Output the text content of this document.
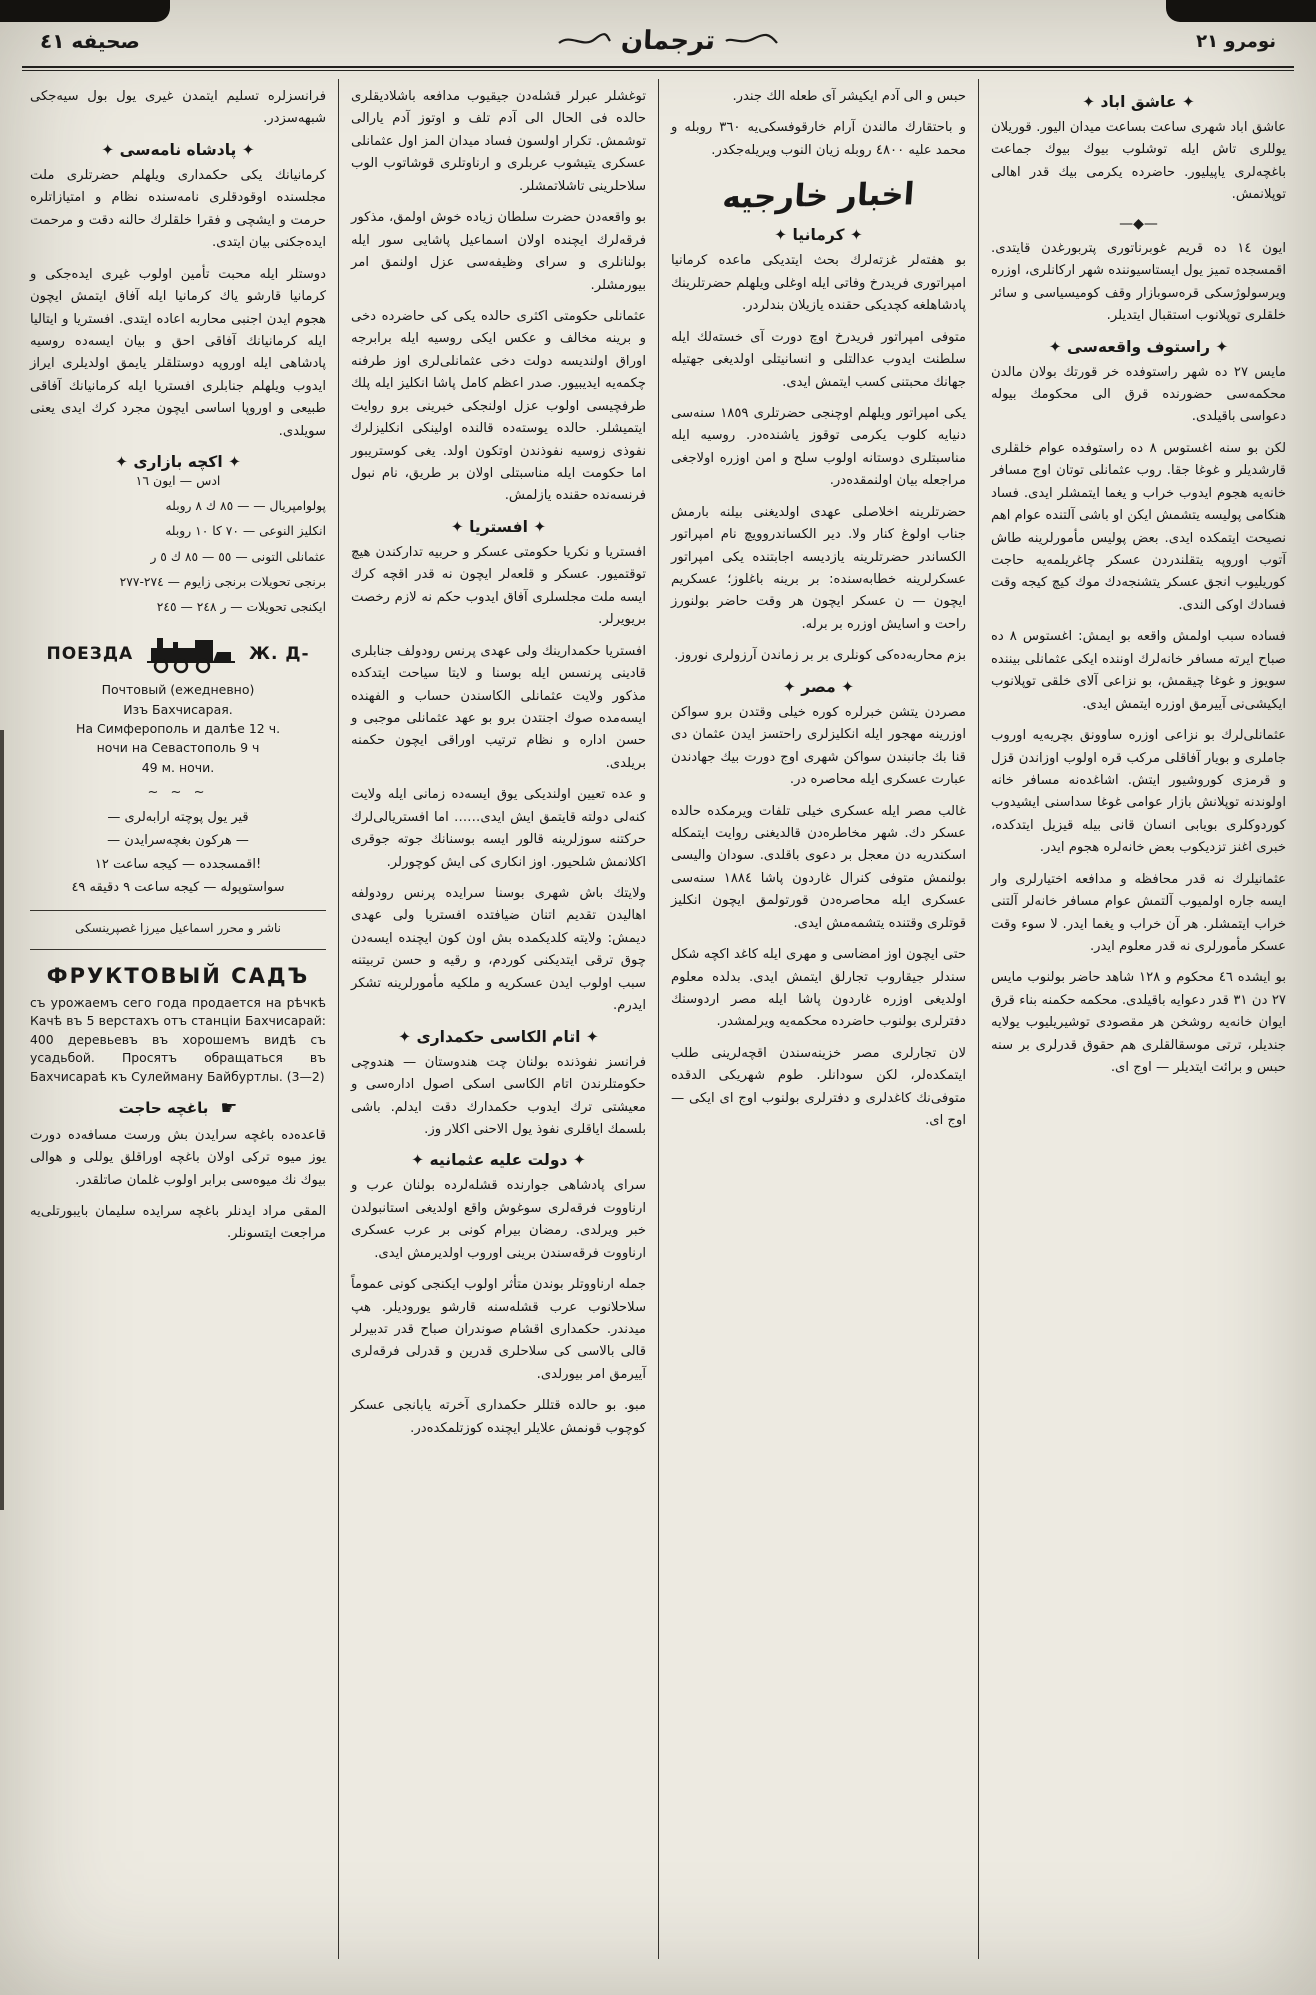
صحيفه ٤١	ترجمان	نومرو ٢١
✦ عاشق اباد ✦
عاشق اباد شهرى ساعت بساعت ميدان اليور. قوريلان يوللرى تاش ايله توشلوب بيوك بيوك جماعت باغچه‌لرى ياپيليور. حاضرده يكرمى بيك قدر اهالى توپلانمش.
—◆—
ايون ١٤ ده قريم غوبرناتورى پتربورغدن قايتدى. اقمسجده تميز يول ايستاسيوننده شهر اركانلرى، اوزره ويرسولوژسكى قره‌سوبازار وقف كوميسياسى و سائر خلقلرى توپلانوب استقبال ايتديلر.
✦ راستوف واقعه‌سى ✦
مايس ٢٧ ده شهر راستوفده خر قورتك بولان مالدن محكمه‌سى حضورنده قرق الى محكومك بيوله دعواسى باقيلدى.
لكن بو سنه اغستوس ٨ ده راستوفده عوام خلقلرى قارشديلر و غوغا جقا. روب عثمانلى توتان اوج مسافر خانه‌يه هجوم ايدوب خراب و يغما ايتمشلر ايدى. فساد هنكامى پوليسه يتشمش ايكن او باشى آلتنده عوام اهم نصيحت ايتمكده ايدى. بعض پوليس مأمورلرينه طاش آتوب اوروپه يتقلندردن عسكر چاغريلمه‌يه حاجت كوريليوب انجق عسكر يتشنجه‌دك موك كيچ كيجه وقت فسادك اوكى الندى.
فساده سبب اولمش واقعه بو ايمش: اغستوس ٨ ده صباح ايرته مسافر خانه‌لرك اوننده ايكى عثمانلى بيننده سويوز و غوغا چيقمش، بو نزاعى آلاى خلقى توپلانوب ايكيشى‌نى آييرمق اوزره ايتمش ايدى.
عثمانلى‌لرك بو نزاعى اوزره ساوونق بچريه‌يه اوروب جاملرى و بويار آفاقلى مركب قره اولوب اوزاندن قزل و قرمزى كوروشيور ايتش. اشاغده‌نه مسافر خانه اولوندنه توپلانش بازار عوامى غوغا سداسنى ايشيدوب كوردوكلرى بويابى انسان قانى بيله قيزيل ايتدكده، خبرى اغنز تزديكوب بعض خانه‌لره هجوم ايدر.
عثمانيلرك نه قدر محافظه و مدافعه اختيارلرى وار ايسه جاره اولميوب آلتمش عوام مسافر خانه‌لر آلتنى خراب ايتمشلر. هر آن خراب و يغما ايدر. لا سوء وقت عسكر مأمورلرى نه قدر معلوم ايدر.
بو ايشده ٤٦ محكوم و ١٢٨ شاهد حاضر بولنوب مايس ٢٧ دن ٣١ قدر دعوايه باقيلدى. محكمه حكمنه بناء قرق ايوان خانه‌يه روشخن هر مقصودى توشيريليوب يولايه جنديلر، ترتى موسقالقلرى هم حقوق قدرلرى بر سنه حبس و برائت ايتديلر — اوج اى.
حبس و الى آدم ايكيشر آى طعله الك جندر.
و باحتقارك مالندن آرام خارقوفسكى‌يه ٣٦٠ روبله و محمد عليه ٤٨٠٠ روبله زيان النوب ويريله‌جكدر.
اخبار خارجيه
✦ كرمانيا ✦
بو هفته‌لر غزته‌لرك بحث ايتديكى ماعده كرمانيا امپراتورى فريدرخ وفاتى ايله اوغلى ويلهلم حضرتلرينك پادشاهلغه كچديكى حقنده يازيلان بندلردر.
متوفى امپراتور فريدرخ اوچ دورت آى خسته‌لك ايله سلطنت ايدوب عدالتلى و انسانيتلى اولديغى جهتيله جهانك محبتنى كسب ايتمش ايدى.
يكى امپراتور ويلهلم اوچنجى حضرتلرى ١٨٥٩ سنه‌سى دنيايه كلوب يكرمى توقوز ياشنده‌در. روسيه ايله مناسبتلرى دوستانه اولوب سلح و امن اوزره اولاجغى مراجعله بيان اولنمقده‌در.
حضرتلرينه اخلاصلى عهدى اولديغنى بيلنه بارمش جناب اولوغ كنار ولا. دير الكساندروويچ نام امپراتور الكساندر حضرتلرينه يازديسه اجابتنده يكى امپراتور عسكرلرينه خطابه‌سنده: بر برينه باغلوز؛ عسكريم ايچون — ن عسكر ايچون هر وقت حاضر بولنورز راحت و اسايش اوزره بر برله.
بزم محاربه‌ده‌كى كونلرى بر بر زماندن آرزولرى نوروز.
✦ مصر ✦
مصردن يتشن خبرلره كوره خيلى وقتدن برو سواكن اوزرينه مهجور ايله انكليزلرى راحتسز ايدن عثمان دى قنا بك جانبندن سواكن شهرى اوج دورت بيك جهادندن عبارت عسكرى ايله محاصره در.
غالب مصر ايله عسكرى خيلى تلفات ويرمكده حالده عسكر دك. شهر مخاطره‌دن قالديغنى روايت ايتمكله اسكندريه دن معجل بر دعوى باقلدى. سودان واليسى بولنمش متوفى كنرال غاردون پاشا ١٨٨٤ سنه‌سى عسكرى ايله محاصره‌دن قورتولمق ايچون انكليز قوتلرى وقتنده يتشمه‌مش ايدى.
حتى ايچون اوز امضاسى و مهرى ايله كاغد اكچه شكل سندلر جيقاروب تجارلق ايتمش ايدى. بدلده معلوم اولديغى اوزره غاردون پاشا ايله مصر اردوسنك دفترلرى بولنوب حاضرده محكمه‌يه ويرلمشدر.
لان تجارلرى مصر خزينه‌سندن اقچه‌لرينى طلب ايتمكده‌لر، لكن سودانلر. طوم شهريكى الدقده متوفى‌نك كاغدلرى و دفترلرى بولنوب اوج اى ايكى — اوج اى.
توغشلر عبرلر قشله‌دن جيقيوب مدافعه باشلاديقلرى حالده فى الحال الى آدم تلف و اوتوز آدم يارالى توشمش. تكرار اولسون فساد ميدان المز اول عثمانلى عسكرى يتيشوب عربلرى و ارناوتلرى قوشاتوب الوب سلاحلرينى تاشلاتمشلر.
بو واقعه‌دن حضرت سلطان زياده خوش اولمق، مذكور فرقه‌لرك ايچنده اولان اسماعيل پاشايى سور ايله بولنانلرى و سراى وظيفه‌سى عزل اولنمق امر بيورمشلر.
عثمانلى حكومتى اكثرى حالده يكى كى حاضرده دخى و برينه مخالف و عكس ايكى روسيه ايله برابرجه اوراق اولنديسه دولت دخى عثمانلى‌لرى اوز طرفنه چكمه‌يه ايديبيور. صدر اعظم كامل پاشا انكليز ايله پلك طرفچيسى اولوب عزل اولنجكى خبرينى برو روايت ايتميشلر. حالده يوسته‌ده قالنده اولينكى انكليزلرك نفوذى زوسيه نفوذندن اوتكون اولد. يغى كوستريبور اما حكومت ايله مناسبتلى اولان بر طريق، نام نبول فرنسه‌نده حقنده يازلمش.
✦ افستريا ✦
افستريا و نكريا حكومتى عسكر و حربيه تداركندن هيچ توقتميور. عسكر و قلعه‌لر ايچون نه قدر اقچه كرك ايسه ملت مجلسلرى آفاق ايدوب حكم نه لازم رخصت بريويرلر.
افستريا حكمدارينك ولى عهدى پرنس رودولف جنابلرى قادينى پرنسس ايله بوسنا و لايتا سياحت ايتدكده مذكور ولايت عثمانلى الكاسندن حساب و الفهنده ايسه‌مده صوك اجنتدن برو بو عهد عثمانلى موجبى و حسن اداره و نظام ترتيب اوراقى ايچون حكمنه بريلدى.
و عده تعيين اولنديكى يوق ايسه‌ده زمانى ايله ولايت كنه‌لى دولته قايتمق ايش ايدى…… اما افستريالى‌لرك حركتنه سوزلرينه قالور ايسه بوسنانك جوته جوقرى اكلانمش شلحيور. اوز انكارى كى ايش كوچورلر.
ولايتك باش شهرى بوسنا سرايده پرنس رودولفه اهاليدن تقديم اتنان ضيافتده افستريا ولى عهدى ديمش: ولايته كلديكمده بش اون كون ايچنده ايسه‌دن چوق ترقى ايتديكنى كوردم، و رقيه و حسن تربيتنه سبب اولوب ايدن عسكريه و ملكيه مأمورلرينه تشكر ايدرم.
✦ اتام الكاسى حكمدارى ✦
فرانسز نفوذنده بولنان چت هندوستان — هندوچى حكومتلرندن اتام الكاسى اسكى اصول اداره‌سى و معيشتى ترك ايدوب حكمدارك دقت ايدلم. باشى بلسمك اياقلرى نفوذ يول الاحنى اكلار وز.
✦ دولت عليه عثمانيه ✦
سراى پادشاهى جوارنده قشله‌لرده بولنان عرب و ارناووت فرقه‌لرى سوغوش واقع اولديغى استانبولدن خبر ويرلدى. رمضان بيرام كونى بر عرب عسكرى ارناووت فرقه‌سندن برينى اوروب اولديرمش ايدى.
جمله ارناووتلر بوندن متأثر اولوب ايكنجى كونى عموماً سلاحلانوب عرب قشله‌سنه قارشو يوروديلر. هپ ميدندر. حكمدارى اقشام صوندران صباح قدر تدبيرلر قالى بالاسى كى سلاحلرى قدرين و قدرلى فرقه‌لرى آييرمق امر بيورلدى.
مبو. بو حالده قتللر حكمدارى آخرته يابانجى عسكر كوچوب قونمش علايلر ايچنده كوزتلمكده‌در.
فرانسزلره تسليم ايتمدن غيرى يول بول سيه‌جكى شبهه‌سزدر.
✦ پادشاه نامه‌سى ✦
كرمانيانك يكى حكمدارى ويلهلم حضرتلرى ملت مجلسنده اوقودقلرى نامه‌سنده نظام و امتيازاتلره حرمت و ايشچى و فقرا خلقلرك حالنه دقت و مرحمت ايده‌جكنى بيان ايتدى.
دوستلر ايله محبت تأمين اولوب غيرى ايده‌جكى و كرمانيا قارشو ياك كرمانيا ايله آفاق ايتمش ايچون هجوم ايدن اجنبى محاربه اعاده ايتدى. افستريا و ايتاليا ايله كرمانيانك آفاقى احق و بيان ايسه‌ده روسيه پادشاهى ايله اوروپه دوستلقلر يايمق اولديلرى ايراز ايدوب ويلهلم جنابلرى افستريا ايله كرمانيانك آفاقى طبيعى و اوروپا اساسى ايچون مجرد كرك ايدى يعنى سويلدى.
✦ اكچه بازارى ✦
ادس — ايون ١٦
پولوامپريال — — ٨٥ ك ٨ روبله
انكليز النوعى — ٧٠ كا ١٠ روبله
عثمانلى التونى — ٥٥ — ٨٥ ك ٥ ر
برنجى تحويلات برنجى زايوم — ٢٧٤-٢٧٧
ايكنجى تحويلات — ر ٢٤٨ — ٢٤٥
ПОЕЗДА	Ж. Д-
Почтовый (ежедневно)
Изъ Бахчисарая.
На Симферополь и далѣе 12 ч.
ночи на Севастополь 9 ч
49 м. ночи.
~ ~ ~
قير يول پوچته ارابه‌لرى —
— هركون بغچه‌سرايدن —
!اقمسجدده — كيجه ساعت ١٢
سواستوپوله — كيجه ساعت ٩ دقيقه ٤٩
ناشر و محرر اسماعيل ميرزا غصپرينسكى
ФРУКТОВЫЙ САДЪ
съ урожаемъ сего года продается на рѣчкѣ Качѣ въ 5 верстахъ отъ станціи Бахчисарай: 400 деревьевъ въ хорошемъ видѣ съ усадьбой. Просятъ обращаться въ Бахчисараѣ къ Сулейману Байбуртлы. (3—2)
☛
باغچه حاجت
قاعده‌ده باغچه سرايدن بش ورست مسافه‌ده دورت يوز ميوه تركى اولان باغچه اوراقلق يوللى و هوالى بيوك نك ميوه‌سى برابر اولوب غلمان صاتلقدر.
المقى مراد ايدنلر باغچه سرايده سليمان بايبورتلى‌يه مراجعت ايتسونلر.
